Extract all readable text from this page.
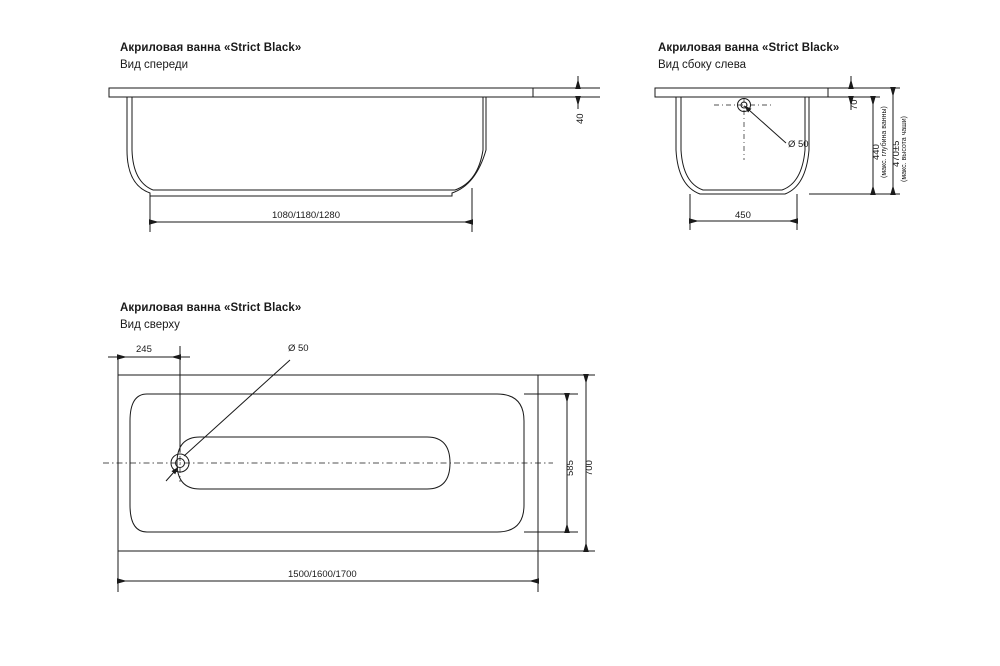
Акриловая ванна «Strict Black»
Вид спереди
Акриловая ванна «Strict Black»
Вид сбоку слева
Акриловая ванна «Strict Black»
Вид сверху
1080/1180/1280
40
450
Ø 50
70
440 (макс. глубина ванны) 470±5 (макс. высота чаши)
245	Ø 50
585 700
1500/1600/1700
